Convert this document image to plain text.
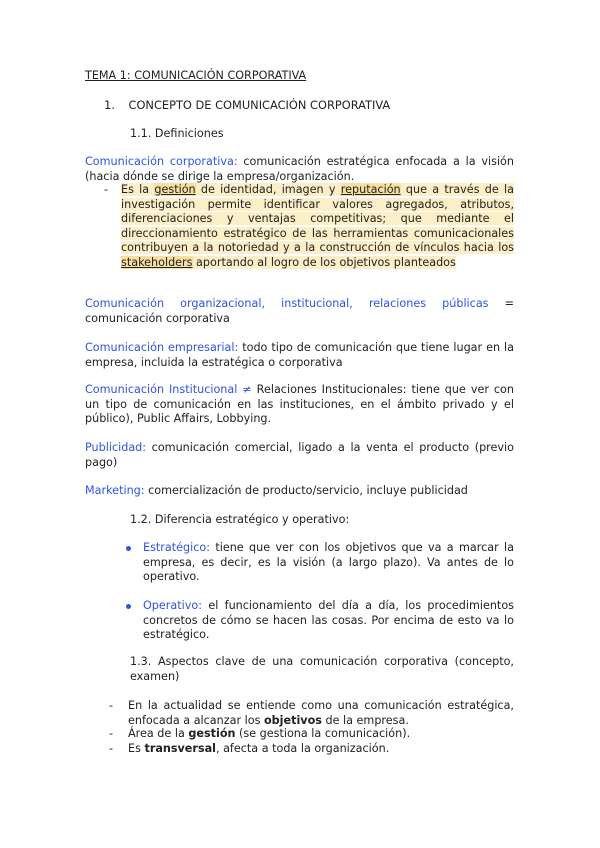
TEMA 1: COMUNICACIÓN CORPORATIVA
1. CONCEPTO DE COMUNICACIÓN CORPORATIVA
1.1. Definiciones
Comunicación corporativa: comunicación estratégica enfocada a la visión (hacia dónde se dirige la empresa/organización.
-	Es la gestión de identidad, imagen y reputación que a través de la investigación permite identificar valores agregados, atributos, diferenciaciones y ventajas competitivas; que mediante el direccionamiento estratégico de las herramientas comunicacionales contribuyen a la notoriedad y a la construcción de vínculos hacia los stakeholders aportando al logro de los objetivos planteados
Comunicación organizacional, institucional, relaciones públicas = comunicación corporativa
Comunicación empresarial: todo tipo de comunicación que tiene lugar en la empresa, incluida la estratégica o corporativa
Comunicación Institucional ≠ Relaciones Institucionales: tiene que ver con un tipo de comunicación en las instituciones, en el ámbito privado y el público), Public Affairs, Lobbying.
Publicidad: comunicación comercial, ligado a la venta el producto (previo pago)
Marketing: comercialización de producto/servicio, incluye publicidad
1.2. Diferencia estratégico y operativo:
Estratégico: tiene que ver con los objetivos que va a marcar la empresa, es decir, es la visión (a largo plazo). Va antes de lo operativo.
Operativo: el funcionamiento del día a día, los procedimientos concretos de cómo se hacen las cosas. Por encima de esto va lo estratégico.
1.3. Aspectos clave de una comunicación corporativa (concepto, examen)
- En la actualidad se entiende como una comunicación estratégica, enfocada a alcanzar los objetivos de la empresa.
- Área de la gestión (se gestiona la comunicación).
- Es transversal, afecta a toda la organización.
